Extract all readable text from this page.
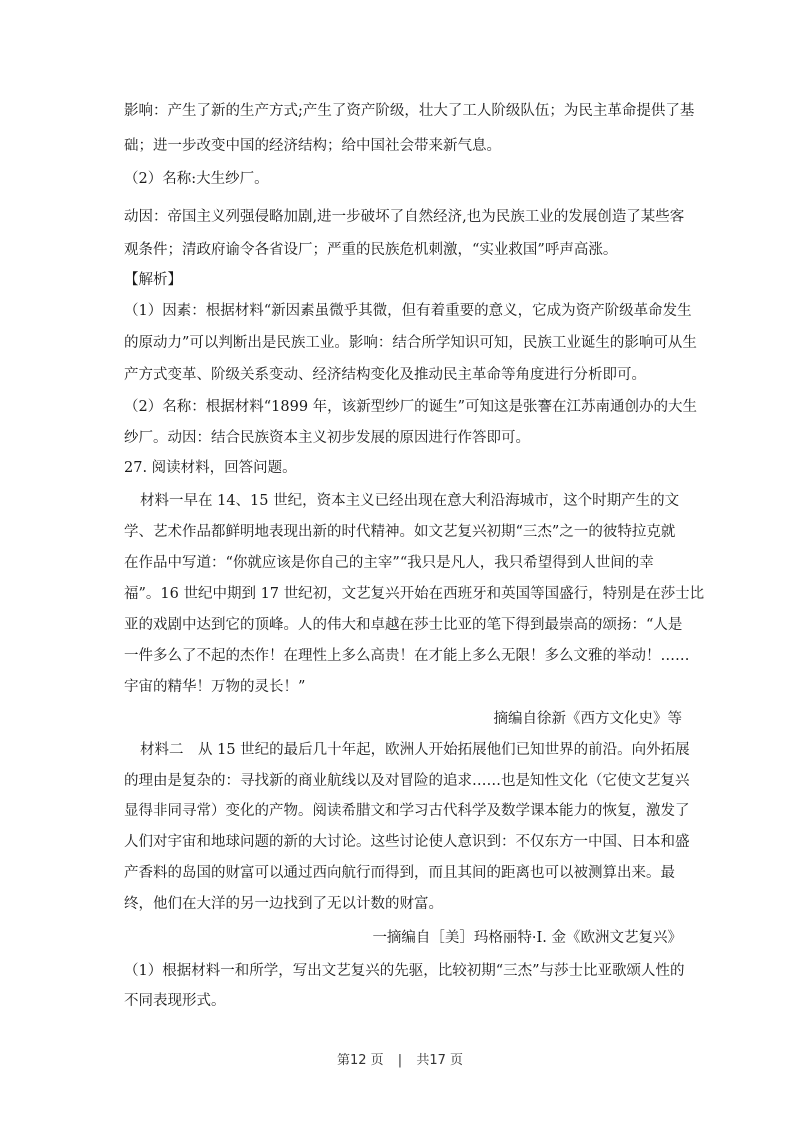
影响：产生了新的生产方式;产生了资产阶级，壮大了工人阶级队伍；为民主革命提供了基
础；进一步改变中国的经济结构；给中国社会带来新气息。
（2）名称:大生纱厂。
动因：帝国主义列强侵略加剧,进一步破坏了自然经济,也为民族工业的发展创造了某些客
观条件；清政府谕令各省设厂；严重的民族危机刺激，“实业救国”呼声高涨。
【解析】
（1）因素：根据材料“新因素虽微乎其微，但有着重要的意义，它成为资产阶级革命发生
的原动力”可以判断出是民族工业。影响：结合所学知识可知，民族工业诞生的影响可从生
产方式变革、阶级关系变动、经济结构变化及推动民主革命等角度进行分析即可。
（2）名称：根据材料“1899 年，该新型纱厂的诞生”可知这是张謇在江苏南通创办的大生
纱厂。动因：结合民族资本主义初步发展的原因进行作答即可。
27. 阅读材料，回答问题。
材料一早在 14、15 世纪，资本主义已经出现在意大利沿海城市，这个时期产生的文
学、艺术作品都鲜明地表现出新的时代精神。如文艺复兴初期“三杰”之一的彼特拉克就
在作品中写道：“你就应该是你自己的主宰”“我只是凡人，我只希望得到人世间的幸
福”。16 世纪中期到 17 世纪初，文艺复兴开始在西班牙和英国等国盛行，特别是在莎士比
亚的戏剧中达到它的顶峰。人的伟大和卓越在莎士比亚的笔下得到最崇高的颂扬：“人是
一件多么了不起的杰作！在理性上多么高贵！在才能上多么无限！多么文雅的举动！……
宇宙的精华！万物的灵长！”
摘编自徐新《西方文化史》等
材料二　从 15 世纪的最后几十年起，欧洲人开始拓展他们已知世界的前沿。向外拓展
的理由是复杂的：寻找新的商业航线以及对冒险的追求……也是知性文化（它使文艺复兴
显得非同寻常）变化的产物。阅读希腊文和学习古代科学及数学课本能力的恢复，激发了
人们对宇宙和地球问题的新的大讨论。这些讨论使人意识到：不仅东方一中国、日本和盛
产香料的岛国的财富可以通过西向航行而得到，而且其间的距离也可以被测算出来。最
终，他们在大洋的另一边找到了无以计数的财富。
一摘编自［美］玛格丽特·I. 金《欧洲文艺复兴》
（1）根据材料一和所学，写出文艺复兴的先驱，比较初期“三杰”与莎士比亚歌颂人性的
不同表现形式。
第12 页 | 共17 页
